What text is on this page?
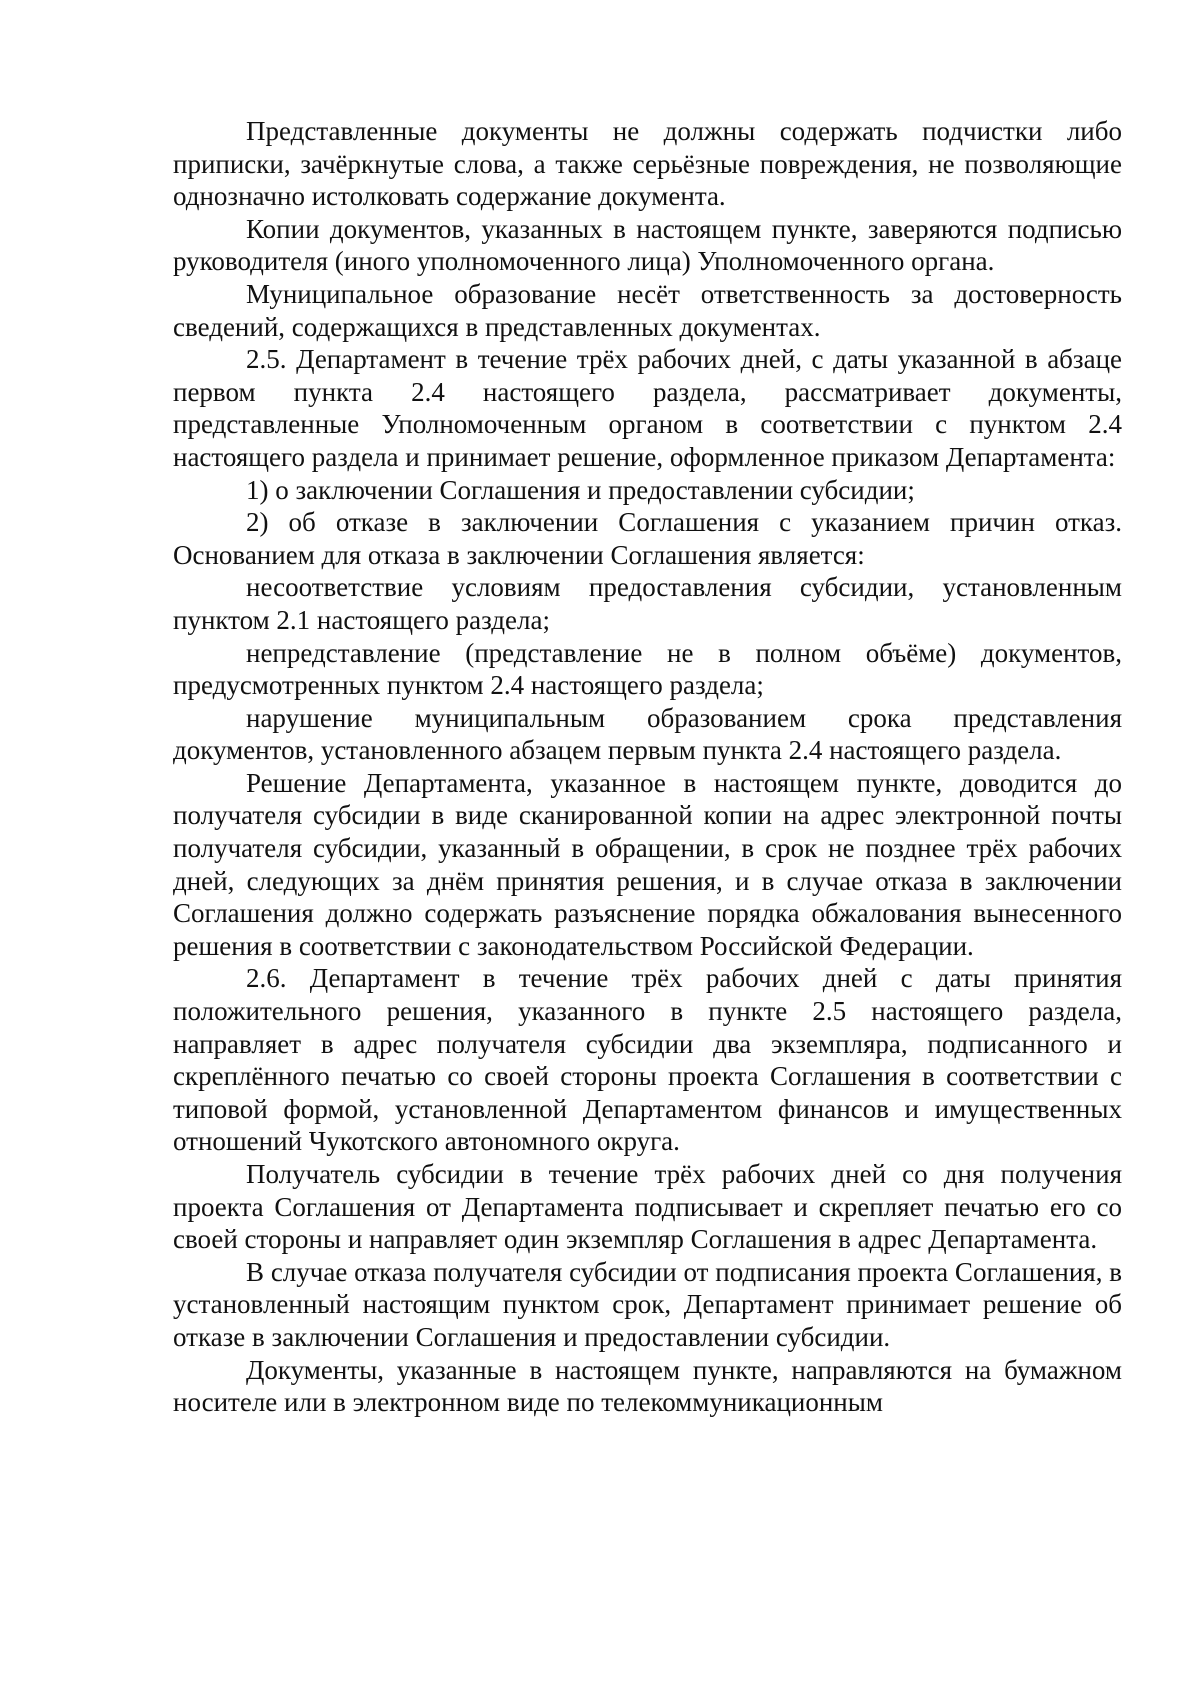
Представленные документы не должны содержать подчистки либо приписки, зачёркнутые слова, а также серьёзные повреждения, не позволяющие однозначно истолковать содержание документа.

Копии документов, указанных в настоящем пункте, заверяются подписью руководителя (иного уполномоченного лица) Уполномоченного органа.

Муниципальное образование несёт ответственность за достоверность сведений, содержащихся в представленных документах.

2.5. Департамент в течение трёх рабочих дней, с даты указанной в абзаце первом пункта 2.4 настоящего раздела, рассматривает документы, представленные Уполномоченным органом в соответствии с пунктом 2.4 настоящего раздела и принимает решение, оформленное приказом Департамента:

1) о заключении Соглашения и предоставлении субсидии;

2) об отказе в заключении Соглашения с указанием причин отказ. Основанием для отказа в заключении Соглашения является:

несоответствие условиям предоставления субсидии, установленным пунктом 2.1 настоящего раздела;

непредставление (представление не в полном объёме) документов, предусмотренных пунктом 2.4 настоящего раздела;

нарушение муниципальным образованием срока представления документов, установленного абзацем первым пункта 2.4 настоящего раздела.

Решение Департамента, указанное в настоящем пункте, доводится до получателя субсидии в виде сканированной копии на адрес электронной почты получателя субсидии, указанный в обращении, в срок не позднее трёх рабочих дней, следующих за днём принятия решения, и в случае отказа в заключении Соглашения должно содержать разъяснение порядка обжалования вынесенного решения в соответствии с законодательством Российской Федерации.

2.6. Департамент в течение трёх рабочих дней с даты принятия положительного решения, указанного в пункте 2.5 настоящего раздела, направляет в адрес получателя субсидии два экземпляра, подписанного и скреплённого печатью со своей стороны проекта Соглашения в соответствии с типовой формой, установленной Департаментом финансов и имущественных отношений Чукотского автономного округа.

Получатель субсидии в течение трёх рабочих дней со дня получения проекта Соглашения от Департамента подписывает и скрепляет печатью его со своей стороны и направляет один экземпляр Соглашения в адрес Департамента.

В случае отказа получателя субсидии от подписания проекта Соглашения, в установленный настоящим пунктом срок, Департамент принимает решение об отказе в заключении Соглашения и предоставлении субсидии.

Документы, указанные в настоящем пункте, направляются на бумажном носителе или в электронном виде по телекоммуникационным
